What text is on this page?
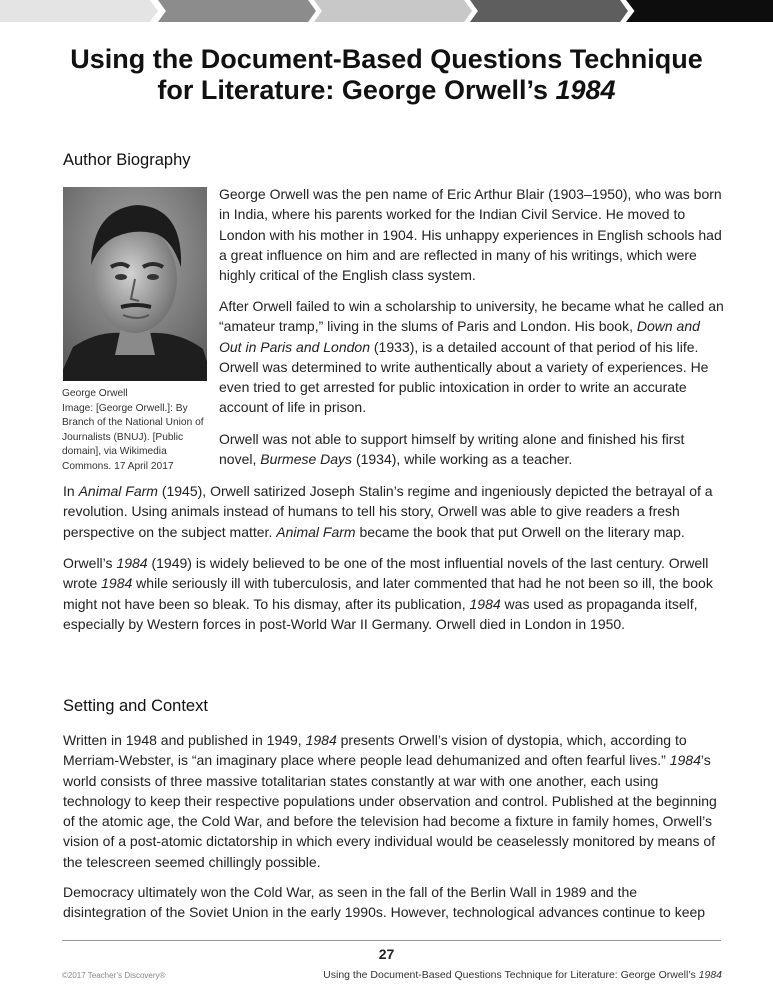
Using the Document-Based Questions Technique
for Literature: George Orwell’s 1984
Author Biography
George Orwell
Image: [George Orwell.]: By Branch of the National Union of Journalists (BNUJ). [Public domain], via Wikimedia Commons. 17 April 2017

George Orwell was the pen name of Eric Arthur Blair (1903–1950), who was born in India, where his parents worked for the Indian Civil Service. He moved to London with his mother in 1904. His unhappy experiences in English schools had a great influence on him and are reflected in many of his writings, which were highly critical of the English class system.

After Orwell failed to win a scholarship to university, he became what he called an “amateur tramp,” living in the slums of Paris and London. His book, Down and Out in Paris and London (1933), is a detailed account of that period of his life. Orwell was determined to write authentically about a variety of experiences. He even tried to get arrested for public intoxication in order to write an accurate account of life in prison.

Orwell was not able to support himself by writing alone and finished his first novel, Burmese Days (1934), while working as a teacher.

In Animal Farm (1945), Orwell satirized Joseph Stalin’s regime and ingeniously depicted the betrayal of a revolution. Using animals instead of humans to tell his story, Orwell was able to give readers a fresh perspective on the subject matter. Animal Farm became the book that put Orwell on the literary map.

Orwell’s 1984 (1949) is widely believed to be one of the most influential novels of the last century. Orwell wrote 1984 while seriously ill with tuberculosis, and later commented that had he not been so ill, the book might not have been so bleak. To his dismay, after its publication, 1984 was used as propaganda itself, especially by Western forces in post-World War II Germany. Orwell died in London in 1950.

Setting and Context

Written in 1948 and published in 1949, 1984 presents Orwell’s vision of dystopia, which, according to Merriam-Webster, is “an imaginary place where people lead dehumanized and often fearful lives.” 1984’s world consists of three massive totalitarian states constantly at war with one another, each using technology to keep their respective populations under observation and control. Published at the beginning of the atomic age, the Cold War, and before the television had become a fixture in family homes, Orwell’s vision of a post-atomic dictatorship in which every individual would be ceaselessly monitored by means of the telescreen seemed chillingly possible.

Democracy ultimately won the Cold War, as seen in the fall of the Berlin Wall in 1989 and the disintegration of the Soviet Union in the early 1990s. However, technological advances continue to keep

27
©2017 Teacher’s Discovery®	Using the Document-Based Questions Technique for Literature: George Orwell’s 1984
